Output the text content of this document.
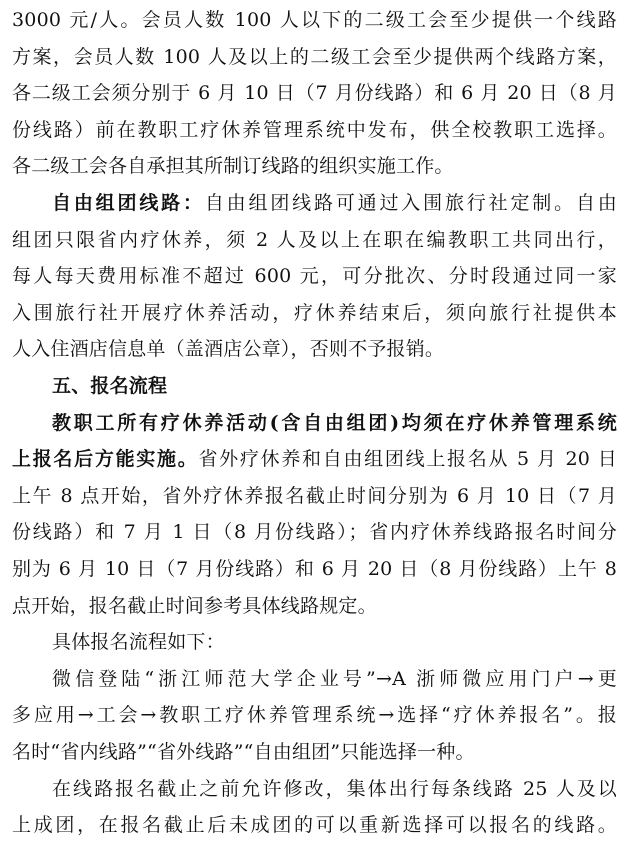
3000 元/人。会员人数 100 人以下的二级工会至少提供一个线路
方案，会员人数 100 人及以上的二级工会至少提供两个线路方案，
各二级工会须分别于 6 月 10 日（7 月份线路）和 6 月 20 日（8 月
份线路）前在教职工疗休养管理系统中发布，供全校教职工选择。
各二级工会各自承担其所制订线路的组织实施工作。
自由组团线路：自由组团线路可通过入围旅行社定制。自由
组团只限省内疗休养，须 2 人及以上在职在编教职工共同出行，
每人每天费用标准不超过 600 元，可分批次、分时段通过同一家
入围旅行社开展疗休养活动，疗休养结束后，须向旅行社提供本
人入住酒店信息单（盖酒店公章），否则不予报销。
五、报名流程
教职工所有疗休养活动(含自由组团)均须在疗休养管理系统
上报名后方能实施。省外疗休养和自由组团线上报名从 5 月 20 日
上午 8 点开始，省外疗休养报名截止时间分别为 6 月 10 日（7 月
份线路）和 7 月 1 日（8 月份线路）；省内疗休养线路报名时间分
别为 6 月 10 日（7 月份线路）和 6 月 20 日（8 月份线路）上午 8
点开始，报名截止时间参考具体线路规定。
具体报名流程如下：
微信登陆“浙江师范大学企业号”→A 浙师微应用门户→更
多应用→工会→教职工疗休养管理系统→选择“疗休养报名”。报
名时“省内线路”“省外线路”“自由组团”只能选择一种。
在线路报名截止之前允许修改，集体出行每条线路 25 人及以
上成团，在报名截止后未成团的可以重新选择可以报名的线路。
